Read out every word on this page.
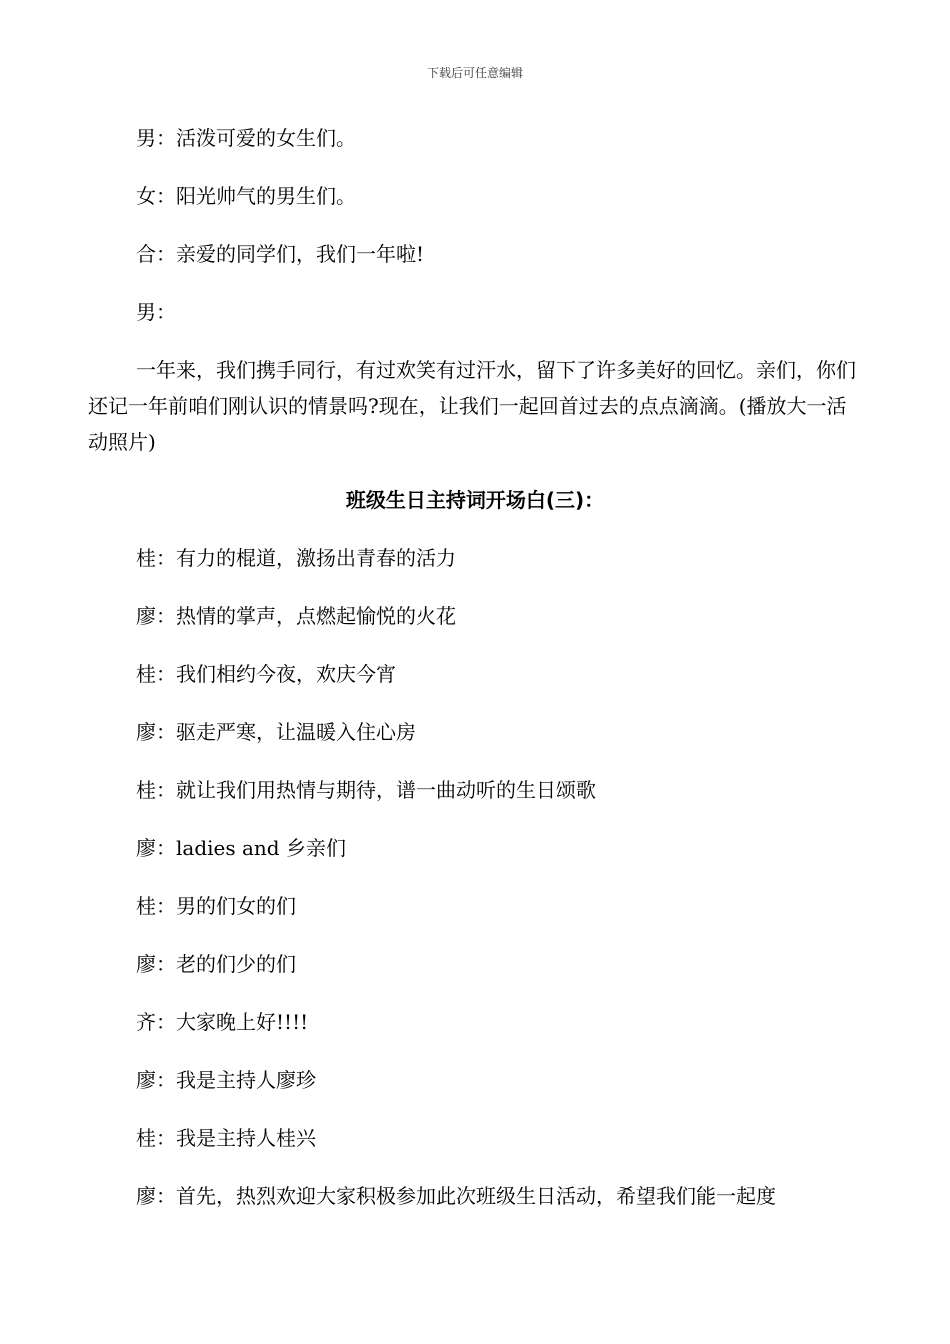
下载后可任意编辑

男：活泼可爱的女生们。

女：阳光帅气的男生们。

合：亲爱的同学们，我们一年啦!

男：

一年来，我们携手同行，有过欢笑有过汗水，留下了许多美好的回忆。亲们，你们还记一年前咱们刚认识的情景吗?现在，让我们一起回首过去的点点滴滴。(播放大一活动照片)

班级生日主持词开场白(三)：

桂：有力的棍道，激扬出青春的活力

廖：热情的掌声，点燃起愉悦的火花

桂：我们相约今夜，欢庆今宵

廖：驱走严寒，让温暖入住心房

桂：就让我们用热情与期待，谱一曲动听的生日颂歌

廖：ladies and 乡亲们

桂：男的们女的们

廖：老的们少的们

齐：大家晚上好!!!!

廖：我是主持人廖珍

桂：我是主持人桂兴

廖：首先，热烈欢迎大家积极参加此次班级生日活动，希望我们能一起度
